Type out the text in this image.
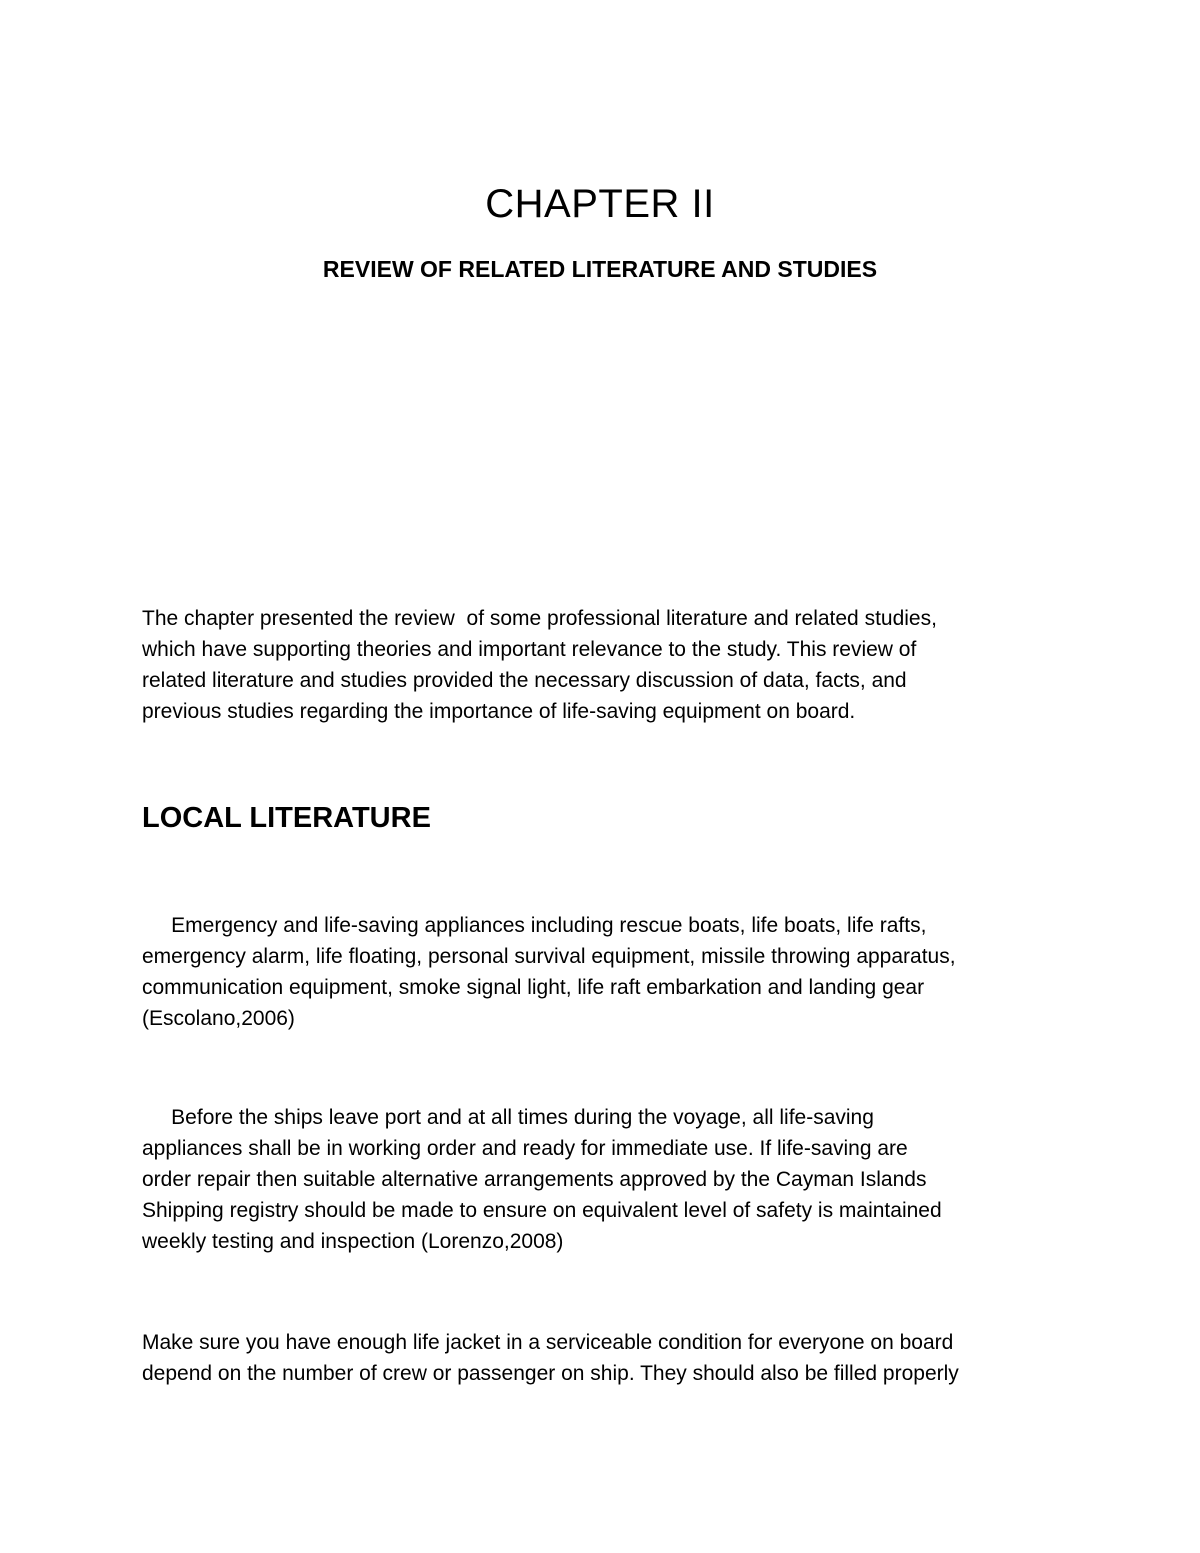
CHAPTER II
REVIEW OF RELATED LITERATURE AND STUDIES

The chapter presented the review  of some professional literature and related studies,
which have supporting theories and important relevance to the study. This review of
related literature and studies provided the necessary discussion of data, facts, and
previous studies regarding the importance of life-saving equipment on board.

LOCAL LITERATURE

Emergency and life-saving appliances including rescue boats, life boats, life rafts,
emergency alarm, life floating, personal survival equipment, missile throwing apparatus,
communication equipment, smoke signal light, life raft embarkation and landing gear
(Escolano,2006)

Before the ships leave port and at all times during the voyage, all life-saving
appliances shall be in working order and ready for immediate use. If life-saving are
order repair then suitable alternative arrangements approved by the Cayman Islands
Shipping registry should be made to ensure on equivalent level of safety is maintained
weekly testing and inspection (Lorenzo,2008)

Make sure you have enough life jacket in a serviceable condition for everyone on board
depend on the number of crew or passenger on ship. They should also be filled properly
